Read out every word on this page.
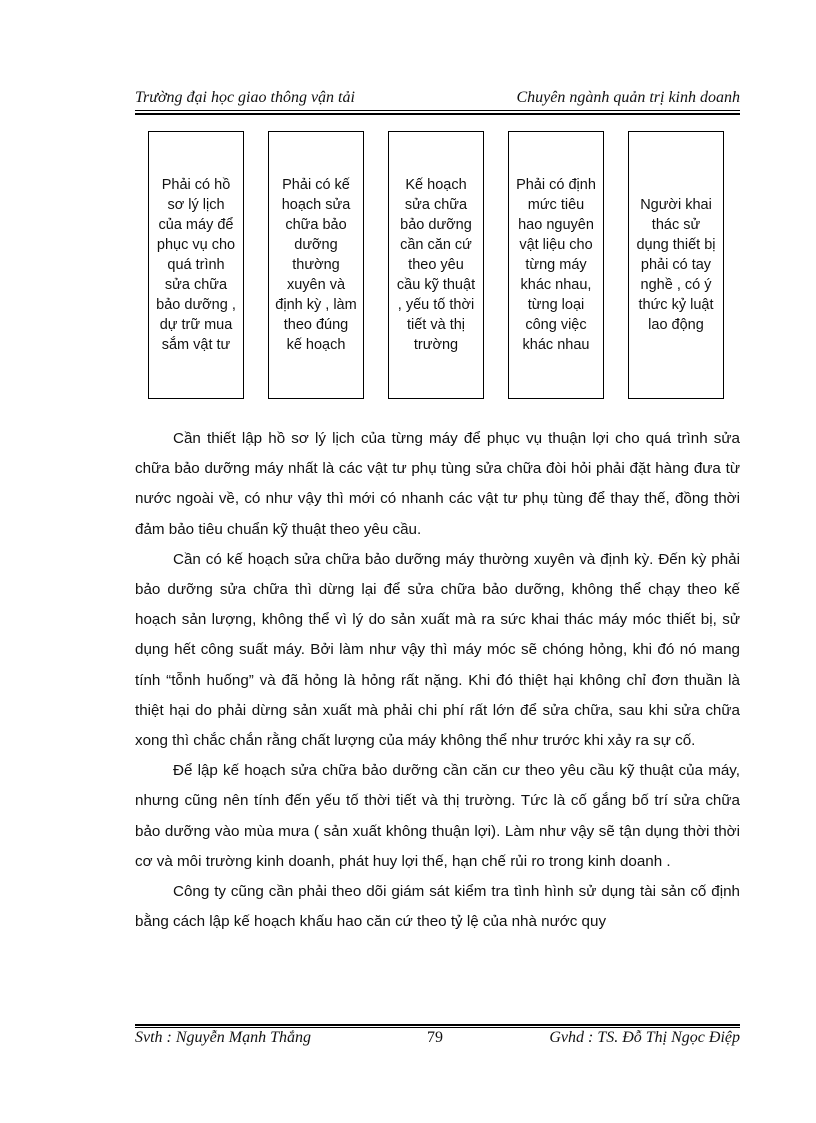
Trường đại học giao thông vận tải	Chuyên ngành quản trị kinh doanh
Phải có hồ sơ lý lịch của máy để phục vụ cho quá trình sửa chữa bảo dưỡng , dự trữ mua sắm vật tư
Phải có kế hoạch sửa chữa bảo dưỡng thường xuyên và định kỳ , làm theo đúng kế hoạch
Kế hoạch sửa chữa bảo dưỡng cần căn cứ theo yêu cầu kỹ thuật , yếu tố thời tiết và thị trường
Phải có định mức tiêu hao nguyên vật liệu cho từng máy khác nhau, từng loại công việc khác nhau
Người khai thác sử dụng thiết bị phải có tay nghề , có ý thức kỷ luật lao động

Cần thiết lập hồ sơ lý lịch của từng máy để phục vụ thuận lợi cho quá trình sửa chữa bảo dưỡng máy nhất là các vật tư phụ tùng sửa chữa đòi hỏi phải đặt hàng đưa từ nước ngoài về, có như vậy thì mới có nhanh các vật tư phụ tùng để thay thế, đồng thời đảm bảo tiêu chuẩn kỹ thuật theo yêu cầu.

Cần có kế hoạch sửa chữa bảo dưỡng máy thường xuyên và định kỳ. Đến kỳ phải bảo dưỡng sửa chữa thì dừng lại để sửa chữa bảo dưỡng, không thể chạy theo kế hoạch sản lượng, không thể vì lý do sản xuất mà ra sức khai thác máy móc thiết bị, sử dụng hết công suất máy. Bởi làm như vậy thì máy móc sẽ chóng hỏng, khi đó nó mang tính “tỗnh huống” và đã hỏng là hỏng rất nặng. Khi đó thiệt hại không chỉ đơn thuần là thiệt hại do phải dừng sản xuất mà phải chi phí rất lớn để sửa chữa, sau khi sửa chữa xong thì chắc chắn rằng chất lượng của máy không thể như trước khi xảy ra sự cố.

Để lập kế hoạch sửa chữa bảo dưỡng cần căn cư theo yêu cầu kỹ thuật của máy, nhưng cũng nên tính đến yếu tố thời tiết và thị trường. Tức là cố gắng bố trí sửa chữa bảo dưỡng vào mùa mưa ( sản xuất không thuận lợi). Làm như vậy sẽ tận dụng thời thời cơ và môi trường kinh doanh, phát huy lợi thế, hạn chế rủi ro trong kinh doanh .

Công ty cũng cần phải theo dõi giám sát kiểm tra tình hình sử dụng tài sản cố định bằng cách lập kế hoạch khấu hao căn cứ theo tỷ lệ của nhà nước quy

Svth : Nguyễn Mạnh Thắng	79	Gvhd : TS. Đỗ Thị Ngọc Điệp
